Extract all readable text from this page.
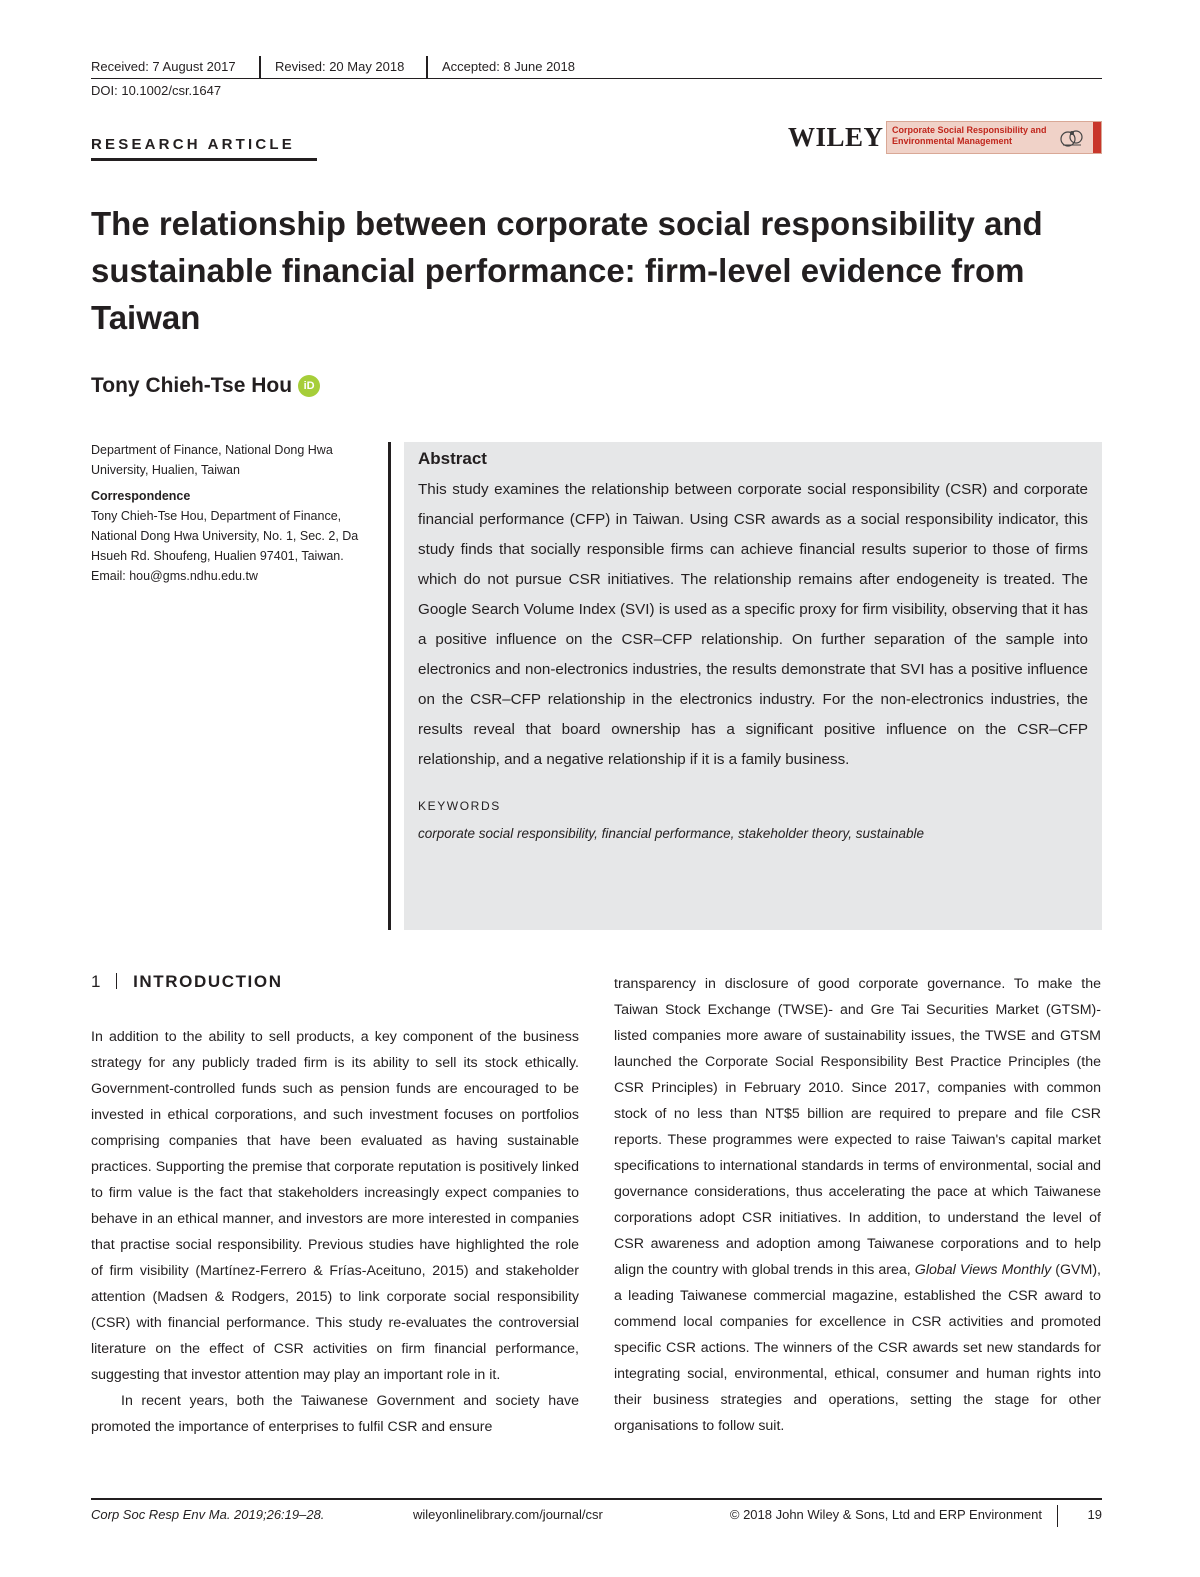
Received: 7 August 2017	Revised: 20 May 2018	Accepted: 8 June 2018
DOI: 10.1002/csr.1647
RESEARCH ARTICLE	WILEY Corporate Social Responsibility and Environmental Management
The relationship between corporate social responsibility and sustainable financial performance: firm-level evidence from Taiwan
Tony Chieh-Tse Hou iD

Department of Finance, National Dong Hwa University, Hualien, Taiwan

Correspondence

Tony Chieh-Tse Hou, Department of Finance, National Dong Hwa University, No. 1, Sec. 2, Da Hsueh Rd. Shoufeng, Hualien 97401, Taiwan.

Email: hou@gms.ndhu.edu.tw

Abstract

This study examines the relationship between corporate social responsibility (CSR) and corporate financial performance (CFP) in Taiwan. Using CSR awards as a social responsibility indicator, this study finds that socially responsible firms can achieve financial results superior to those of firms which do not pursue CSR initiatives. The relationship remains after endogeneity is treated. The Google Search Volume Index (SVI) is used as a specific proxy for firm visibility, observing that it has a positive influence on the CSR–CFP relationship. On further separation of the sample into electronics and non-electronics industries, the results demonstrate that SVI has a positive influence on the CSR–CFP relationship in the electronics industry. For the non-electronics industries, the results reveal that board ownership has a significant positive influence on the CSR–CFP relationship, and a negative relationship if it is a family business.

KEYWORDS

corporate social responsibility, financial performance, stakeholder theory, sustainable

1 INTRODUCTION

In addition to the ability to sell products, a key component of the business strategy for any publicly traded firm is its ability to sell its stock ethically. Government-controlled funds such as pension funds are encouraged to be invested in ethical corporations, and such investment focuses on portfolios comprising companies that have been evaluated as having sustainable practices. Supporting the premise that corporate reputation is positively linked to firm value is the fact that stakeholders increasingly expect companies to behave in an ethical manner, and investors are more interested in companies that practise social responsibility. Previous studies have highlighted the role of firm visibility (Martínez-Ferrero & Frías-Aceituno, 2015) and stakeholder attention (Madsen & Rodgers, 2015) to link corporate social responsibility (CSR) with financial performance. This study re-evaluates the controversial literature on the effect of CSR activities on firm financial performance, suggesting that investor attention may play an important role in it.

In recent years, both the Taiwanese Government and society have promoted the importance of enterprises to fulfil CSR and ensure

transparency in disclosure of good corporate governance. To make the Taiwan Stock Exchange (TWSE)- and Gre Tai Securities Market (GTSM)-listed companies more aware of sustainability issues, the TWSE and GTSM launched the Corporate Social Responsibility Best Practice Principles (the CSR Principles) in February 2010. Since 2017, companies with common stock of no less than NT$5 billion are required to prepare and file CSR reports. These programmes were expected to raise Taiwan's capital market specifications to international standards in terms of environmental, social and governance considerations, thus accelerating the pace at which Taiwanese corporations adopt CSR initiatives. In addition, to understand the level of CSR awareness and adoption among Taiwanese corporations and to help align the country with global trends in this area, Global Views Monthly (GVM), a leading Taiwanese commercial magazine, established the CSR award to commend local companies for excellence in CSR activities and promoted specific CSR actions. The winners of the CSR awards set new standards for integrating social, environmental, ethical, consumer and human rights into their business strategies and operations, setting the stage for other organisations to follow suit.

Corp Soc Resp Env Ma. 2019;26:19–28.	wileyonlinelibrary.com/journal/csr	© 2018 John Wiley & Sons, Ltd and ERP Environment	19
